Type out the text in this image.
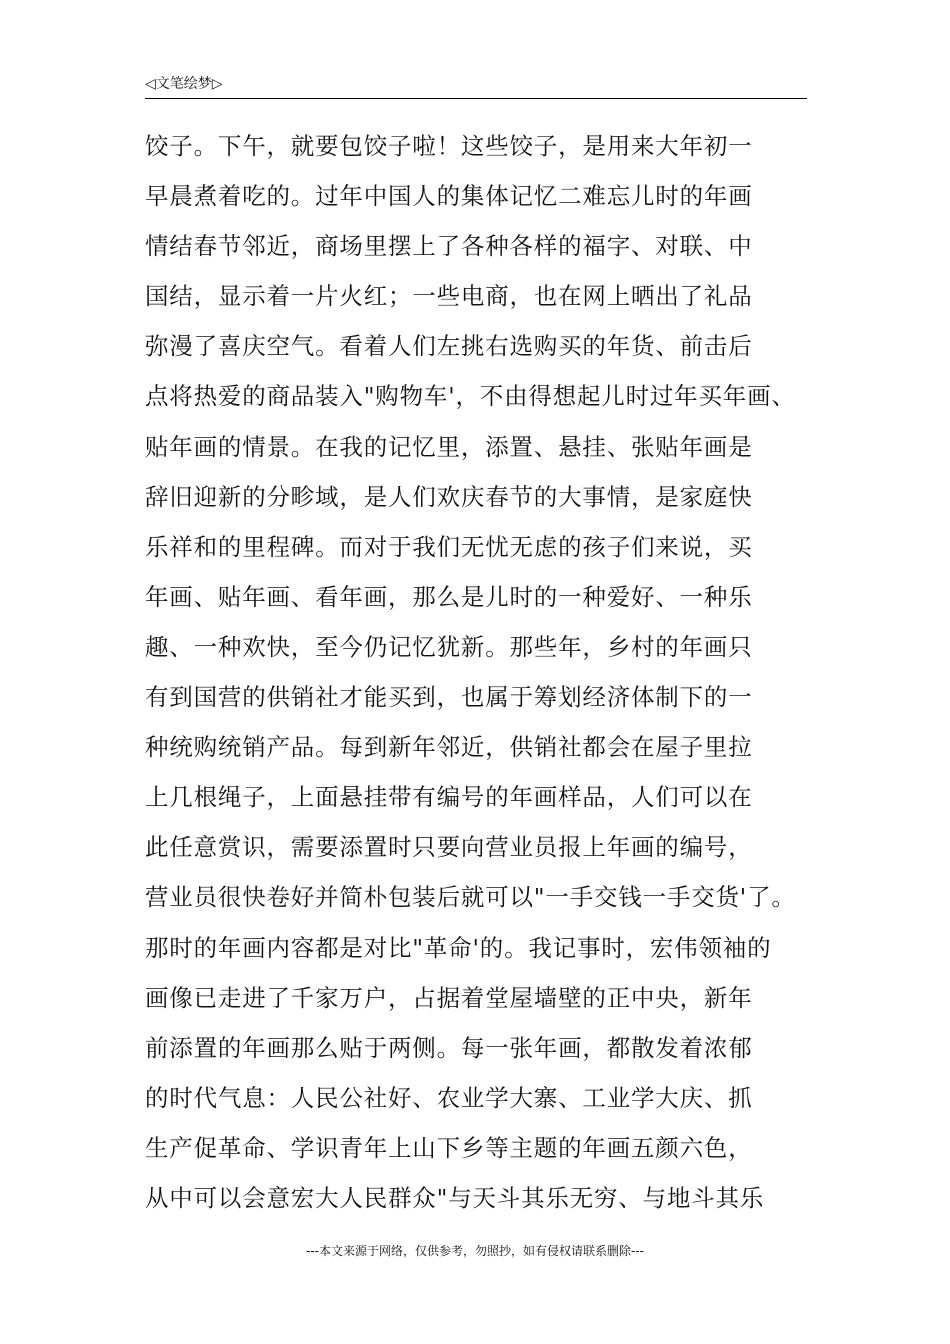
◁文笔绘梦▷
饺子。下午，就要包饺子啦！这些饺子，是用来大年初一
早晨煮着吃的。过年中国人的集体记忆二难忘儿时的年画
情结春节邻近，商场里摆上了各种各样的福字、对联、中
国结，显示着一片火红；一些电商，也在网上晒出了礼品
弥漫了喜庆空气。看着人们左挑右选购买的年货、前击后
点将热爱的商品装入"购物车'，不由得想起儿时过年买年画、
贴年画的情景。在我的记忆里，添置、悬挂、张贴年画是
辞旧迎新的分畛域，是人们欢庆春节的大事情，是家庭快
乐祥和的里程碑。而对于我们无忧无虑的孩子们来说，买
年画、贴年画、看年画，那么是儿时的一种爱好、一种乐
趣、一种欢快，至今仍记忆犹新。那些年，乡村的年画只
有到国营的供销社才能买到，也属于筹划经济体制下的一
种统购统销产品。每到新年邻近，供销社都会在屋子里拉
上几根绳子，上面悬挂带有编号的年画样品，人们可以在
此任意赏识，需要添置时只要向营业员报上年画的编号，
营业员很快卷好并简朴包装后就可以"一手交钱一手交货'了。
那时的年画内容都是对比"革命'的。我记事时，宏伟领袖的
画像已走进了千家万户，占据着堂屋墙壁的正中央，新年
前添置的年画那么贴于两侧。每一张年画，都散发着浓郁
的时代气息：人民公社好、农业学大寨、工业学大庆、抓
生产促革命、学识青年上山下乡等主题的年画五颜六色，
从中可以会意宏大人民群众"与天斗其乐无穷、与地斗其乐
---本文来源于网络，仅供参考，勿照抄，如有侵权请联系删除---
